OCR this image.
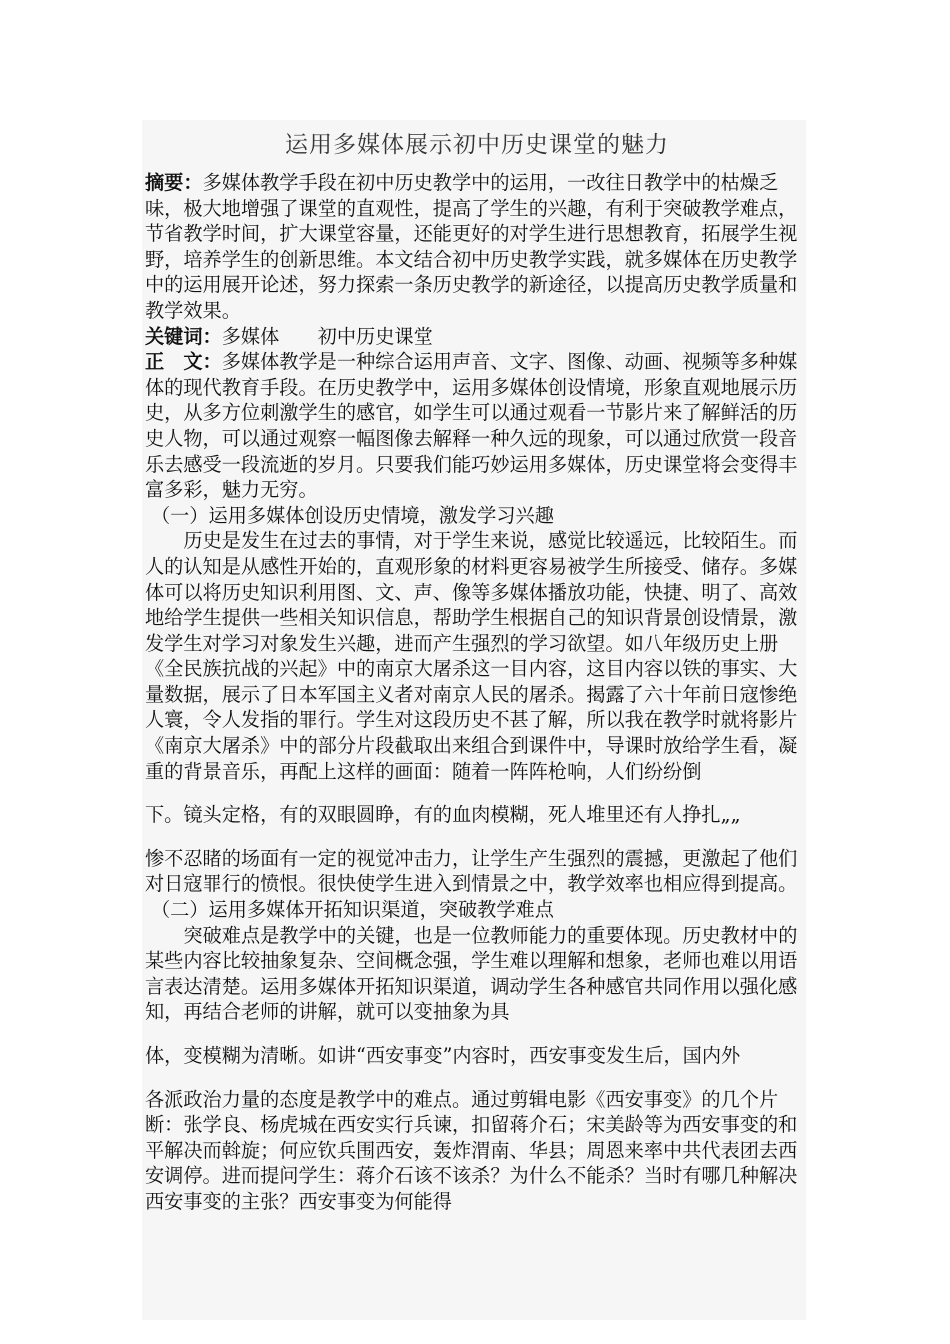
运用多媒体展示初中历史课堂的魅力

摘要：多媒体教学手段在初中历史教学中的运用，一改往日教学中的枯燥乏味，极大地增强了课堂的直观性，提高了学生的兴趣，有利于突破教学难点，节省教学时间，扩大课堂容量，还能更好的对学生进行思想教育，拓展学生视野，培养学生的创新思维。本文结合初中历史教学实践，就多媒体在历史教学中的运用展开论述，努力探索一条历史教学的新途径，以提高历史教学质量和教学效果。

关键词：多媒体　　初中历史课堂

正　文：多媒体教学是一种综合运用声音、文字、图像、动画、视频等多种媒体的现代教育手段。在历史教学中，运用多媒体创设情境，形象直观地展示历史，从多方位刺激学生的感官，如学生可以通过观看一节影片来了解鲜活的历史人物，可以通过观察一幅图像去解释一种久远的现象，可以通过欣赏一段音乐去感受一段流逝的岁月。只要我们能巧妙运用多媒体，历史课堂将会变得丰富多彩，魅力无穷。

（一）运用多媒体创设历史情境，激发学习兴趣

历史是发生在过去的事情，对于学生来说，感觉比较遥远，比较陌生。而人的认知是从感性开始的，直观形象的材料更容易被学生所接受、储存。多媒体可以将历史知识利用图、文、声、像等多媒体播放功能，快捷、明了、高效地给学生提供一些相关知识信息，帮助学生根据自己的知识背景创设情景，激发学生对学习对象发生兴趣，进而产生强烈的学习欲望。如八年级历史上册《全民族抗战的兴起》中的南京大屠杀这一目内容，这目内容以铁的事实、大量数据，展示了日本军国主义者对南京人民的屠杀。揭露了六十年前日寇惨绝人寰，令人发指的罪行。学生对这段历史不甚了解，所以我在教学时就将影片《南京大屠杀》中的部分片段截取出来组合到课件中，导课时放给学生看，凝重的背景音乐，再配上这样的画面：随着一阵阵枪响，人们纷纷倒

下。镜头定格，有的双眼圆睁，有的血肉模糊，死人堆里还有人挣扎„„

惨不忍睹的场面有一定的视觉冲击力，让学生产生强烈的震撼，更激起了他们对日寇罪行的愤恨。很快使学生进入到情景之中，教学效率也相应得到提高。

（二）运用多媒体开拓知识渠道，突破教学难点

突破难点是教学中的关键，也是一位教师能力的重要体现。历史教材中的某些内容比较抽象复杂、空间概念强，学生难以理解和想象，老师也难以用语言表达清楚。运用多媒体开拓知识渠道，调动学生各种感官共同作用以强化感知，再结合老师的讲解，就可以变抽象为具

体，变模糊为清晰。如讲“西安事变”内容时，西安事变发生后，国内外

各派政治力量的态度是教学中的难点。通过剪辑电影《西安事变》的几个片断：张学良、杨虎城在西安实行兵谏，扣留蒋介石；宋美龄等为西安事变的和平解决而斡旋；何应钦兵围西安，轰炸渭南、华县；周恩来率中共代表团去西安调停。进而提问学生：蒋介石该不该杀？为什么不能杀？当时有哪几种解决西安事变的主张？西安事变为何能得
